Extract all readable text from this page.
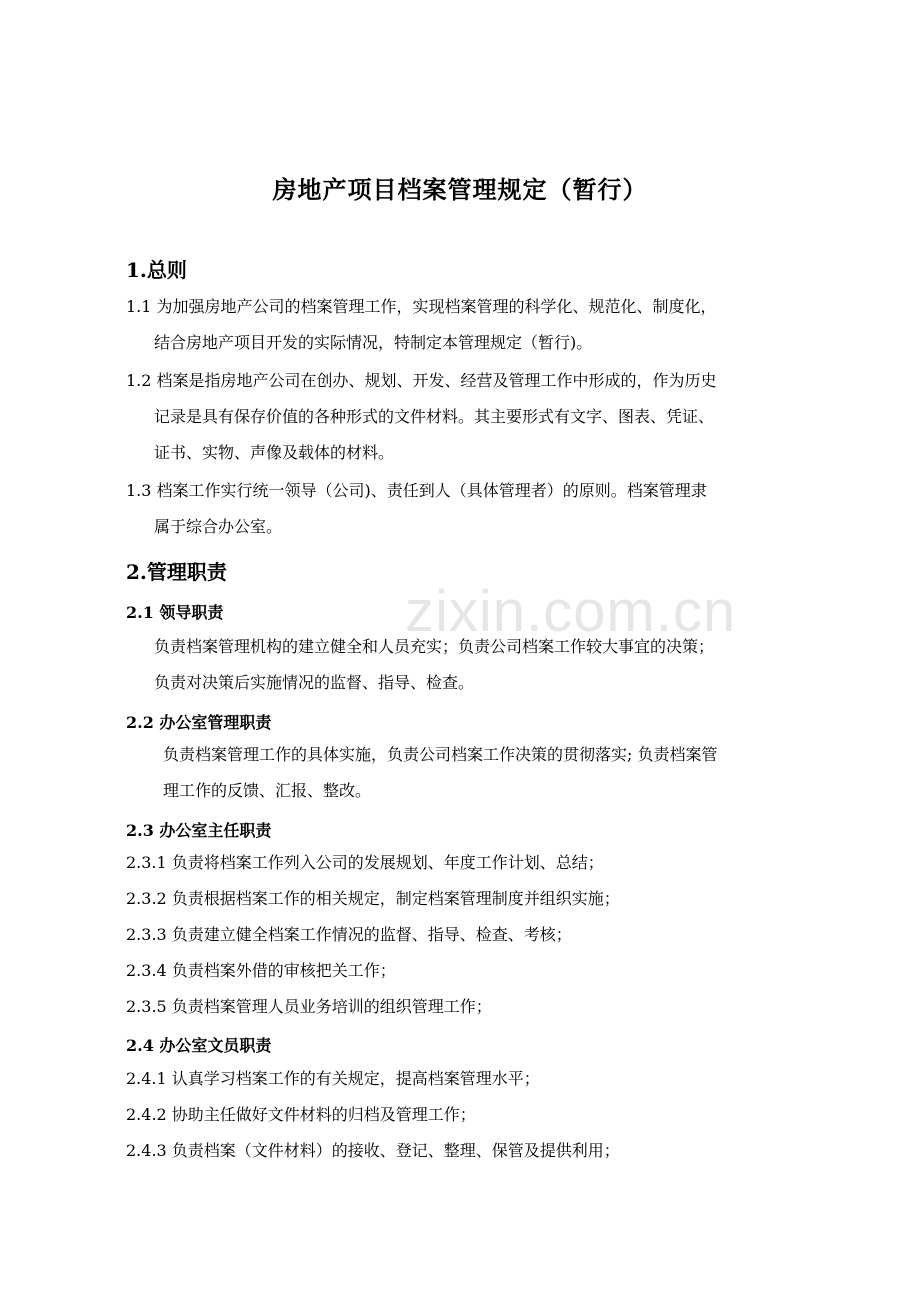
zixin.com.cn
房地产项目档案管理规定（暂行）
1.总则
1.1 为加强房地产公司的档案管理工作，实现档案管理的科学化、规范化、制度化，
结合房地产项目开发的实际情况，特制定本管理规定（暂行)。
1.2 档案是指房地产公司在创办、规划、开发、经营及管理工作中形成的，作为历史
记录是具有保存价值的各种形式的文件材料。其主要形式有文字、图表、凭证、
证书、实物、声像及载体的材料。
1.3 档案工作实行统一领导（公司)、责任到人（具体管理者）的原则。档案管理隶
属于综合办公室。
2.管理职责
2.1 领导职责
负责档案管理机构的建立健全和人员充实；负责公司档案工作较大事宜的决策；
负责对决策后实施情况的监督、指导、检查。
2.2 办公室管理职责
负责档案管理工作的具体实施，负责公司档案工作决策的贯彻落实; 负责档案管
理工作的反馈、汇报、整改。
2.3 办公室主任职责
2.3.1 负责将档案工作列入公司的发展规划、年度工作计划、总结；
2.3.2 负责根据档案工作的相关规定，制定档案管理制度并组织实施；
2.3.3 负责建立健全档案工作情况的监督、指导、检查、考核；
2.3.4 负责档案外借的审核把关工作；
2.3.5 负责档案管理人员业务培训的组织管理工作；
2.4 办公室文员职责
2.4.1 认真学习档案工作的有关规定，提高档案管理水平；
2.4.2 协助主任做好文件材料的归档及管理工作；
2.4.3 负责档案（文件材料）的接收、登记、整理、保管及提供利用；
